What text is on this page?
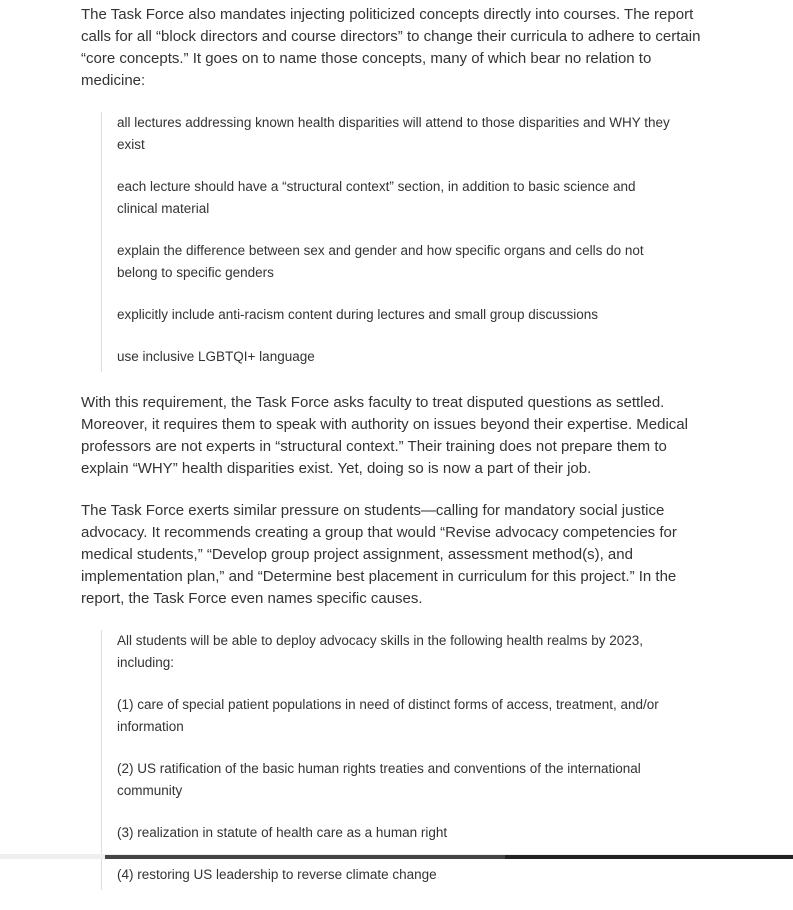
The Task Force also mandates injecting politicized concepts directly into courses. The report calls for all “block directors and course directors” to change their curricula to adhere to certain “core concepts.” It goes on to name those concepts, many of which bear no relation to medicine:

all lectures addressing known health disparities will attend to those disparities and WHY they exist

each lecture should have a “structural context” section, in addition to basic science and clinical material

explain the difference between sex and gender and how specific organs and cells do not belong to specific genders

explicitly include anti-racism content during lectures and small group discussions

use inclusive LGBTQI+ language

With this requirement, the Task Force asks faculty to treat disputed questions as settled. Moreover, it requires them to speak with authority on issues beyond their expertise. Medical professors are not experts in “structural context.” Their training does not prepare them to explain “WHY” health disparities exist. Yet, doing so is now a part of their job.

The Task Force exerts similar pressure on students—calling for mandatory social justice advocacy. It recommends creating a group that would “Revise advocacy competencies for medical students,” “Develop group project assignment, assessment method(s), and implementation plan,” and “Determine best placement in curriculum for this project.” In the report, the Task Force even names specific causes.

All students will be able to deploy advocacy skills in the following health realms by 2023, including:

(1) care of special patient populations in need of distinct forms of access, treatment, and/or information

(2) US ratification of the basic human rights treaties and conventions of the international community

(3) realization in statute of health care as a human right

(4) restoring US leadership to reverse climate change
